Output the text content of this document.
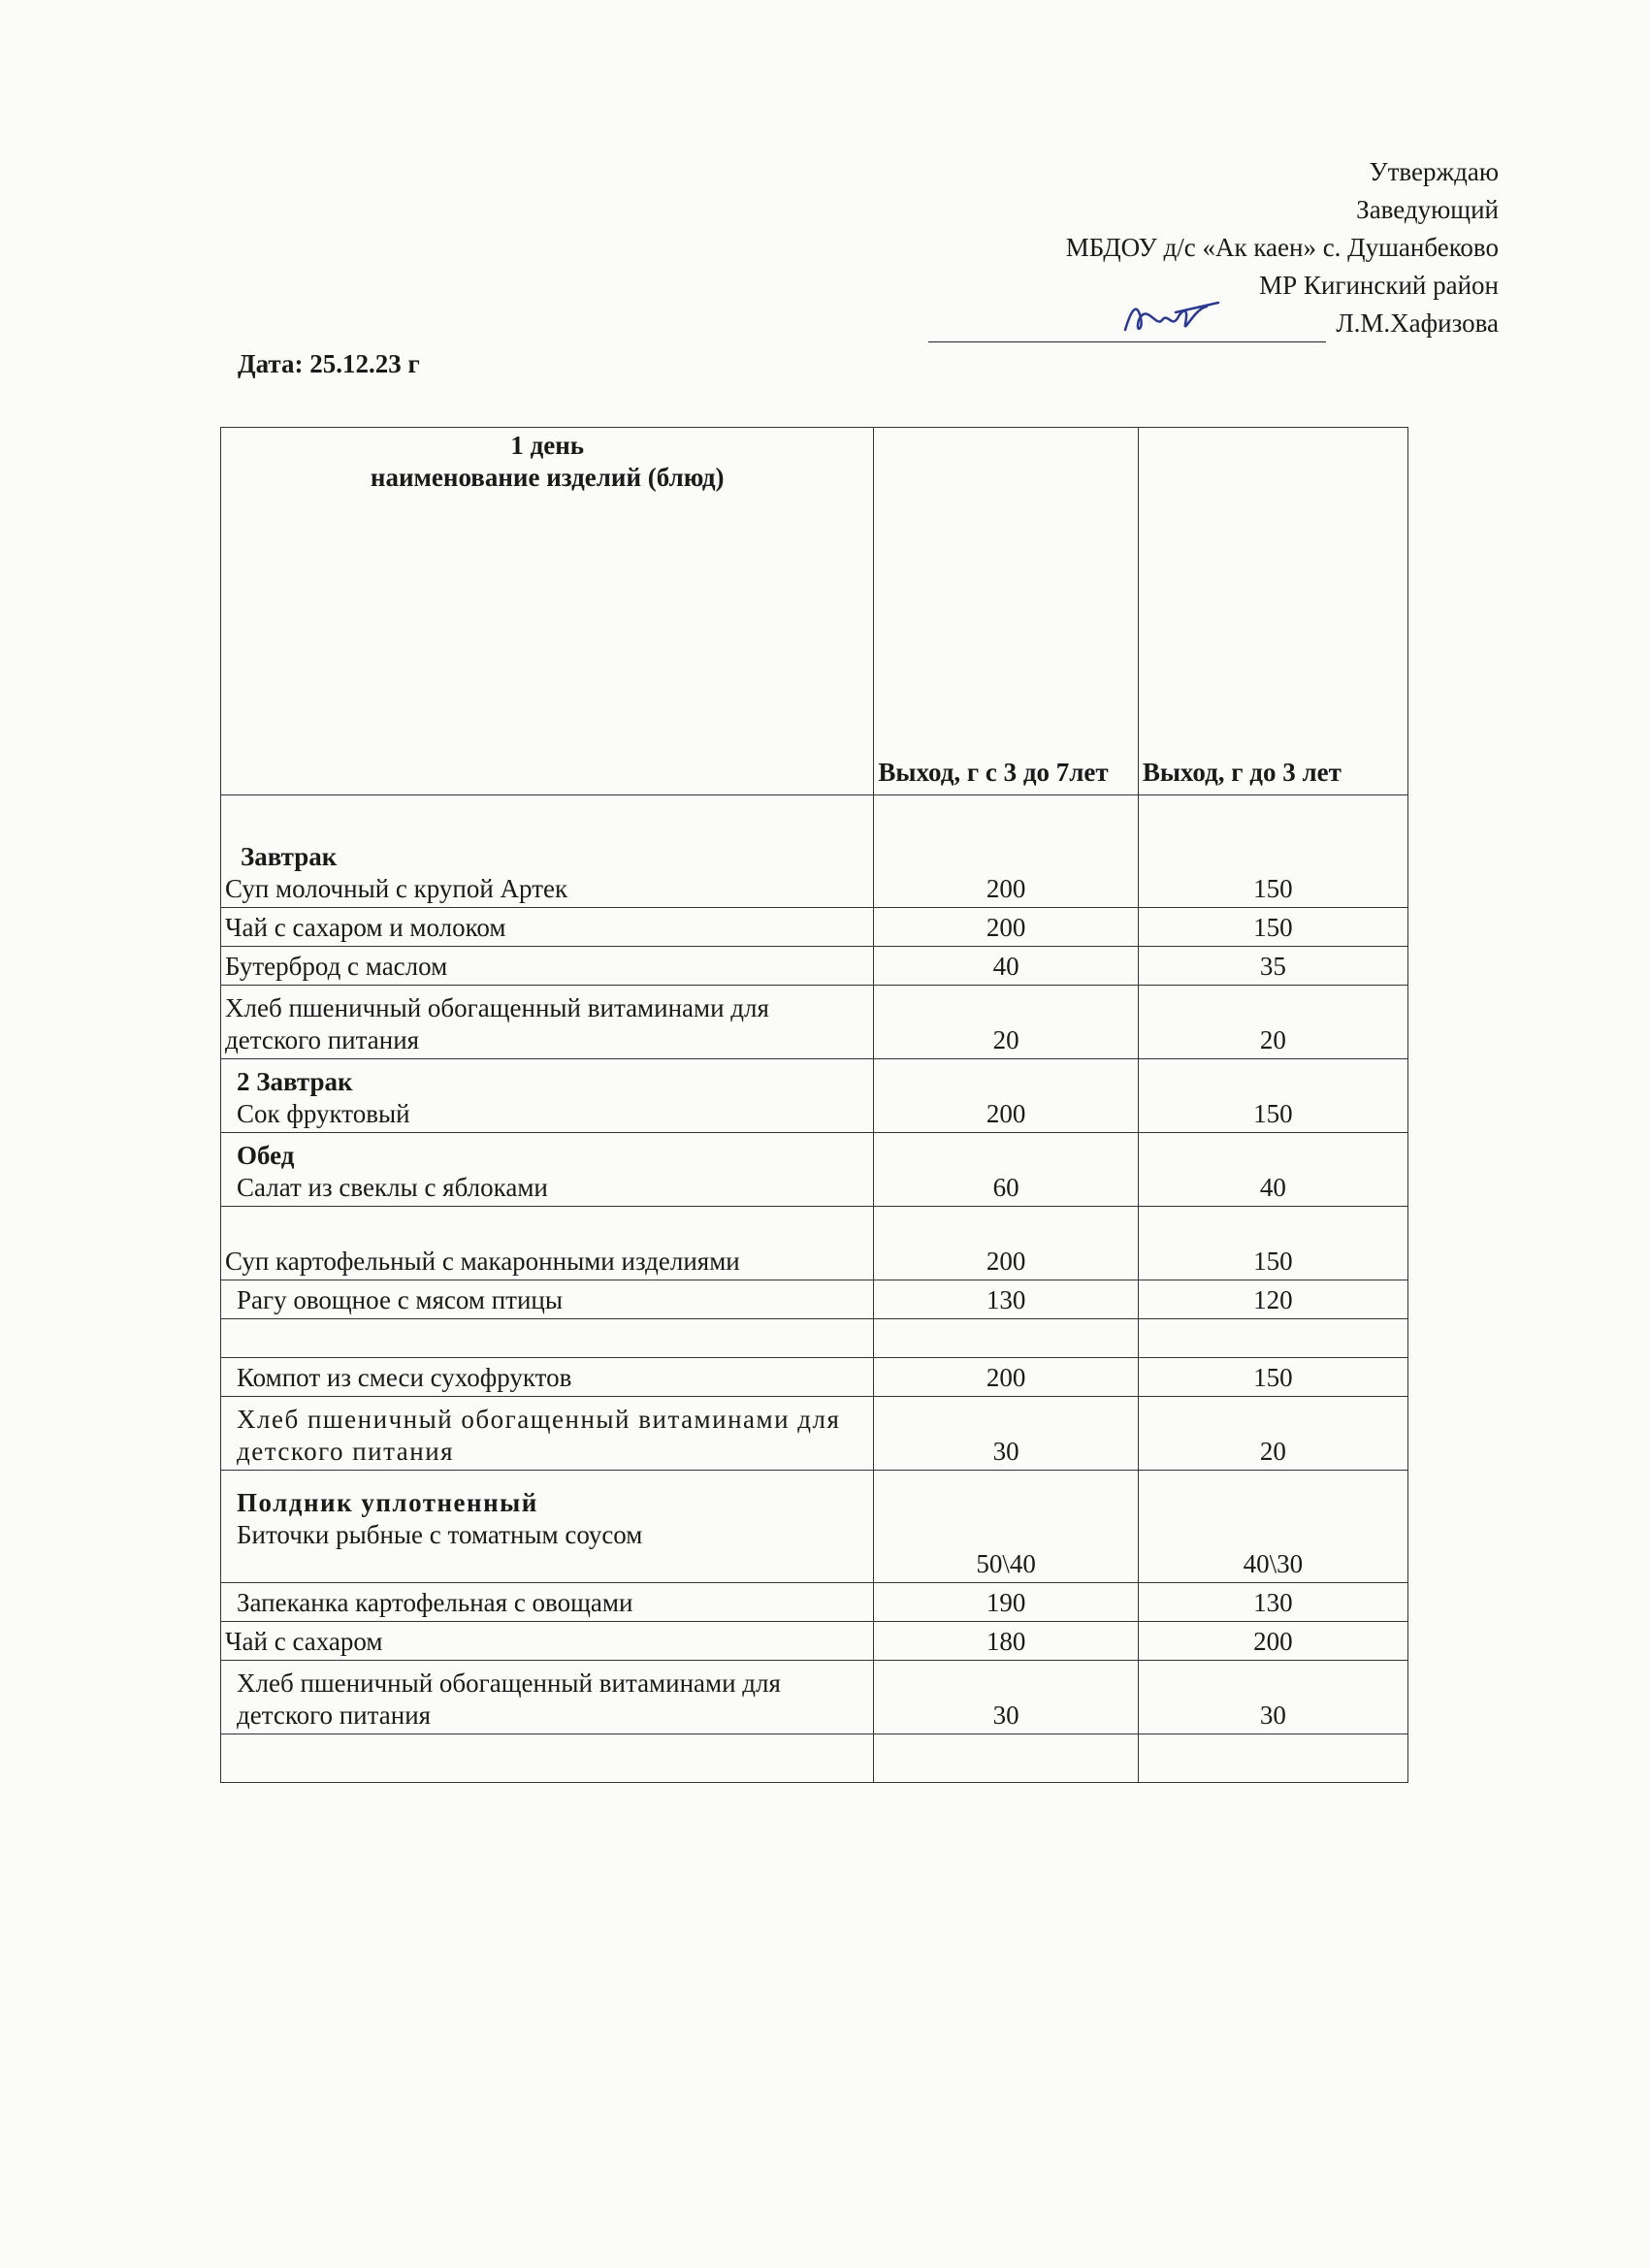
Утверждаю
Заведующий
МБДОУ д/с «Ак каен» с. Душанбеково
МР Кигинский район
Л.М.Хафизова
Дата: 25.12.23 г
1 день
наименование изделий (блюд)	Выход, г с 3 до 7лет	Выход, г до 3 лет

Завтрак
Суп молочный с крупой Артек	200	150
Чай с сахаром и молоком	200	150
Бутерброд с маслом	40	35
Хлеб пшеничный обогащенный витаминами для детского питания	20	20

2 Завтрак
Сок фруктовый	200	150

Обед
Салат из свеклы с яблоками	60	40
Суп картофельный с макаронными изделиями	200	150
Рагу овощное с мясом птицы	130	120

Компот из смеси сухофруктов	200	150
Хлеб пшеничный обогащенный витаминами для детского питания	30	20

Полдник уплотненный
Биточки рыбные с томатным соусом	50\40	40\30
Запеканка картофельная с овощами	190	130
Чай с сахаром	180	200
Хлеб пшеничный обогащенный витаминами для детского питания	30	30
